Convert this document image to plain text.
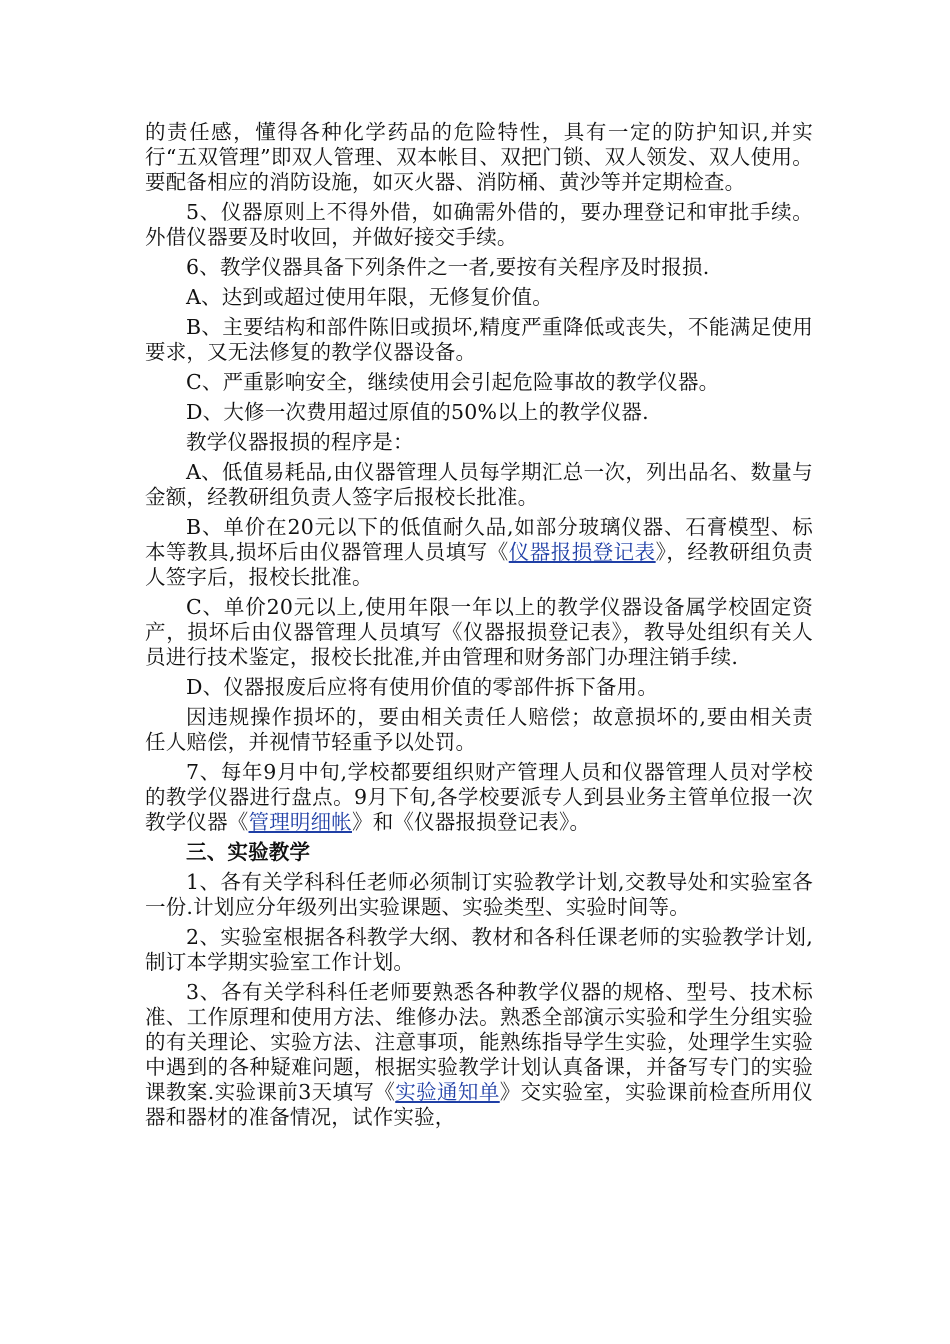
的责任感，懂得各种化学药品的危险特性，具有一定的防护知识,并实行“五双管理”即双人管理、双本帐目、双把门锁、双人领发、双人使用。要配备相应的消防设施，如灭火器、消防桶、黄沙等并定期检查。

5、仪器原则上不得外借，如确需外借的，要办理登记和审批手续。外借仪器要及时收回，并做好接交手续。

6、教学仪器具备下列条件之一者,要按有关程序及时报损.

A、达到或超过使用年限，无修复价值。

B、主要结构和部件陈旧或损坏,精度严重降低或丧失，不能满足使用要求，又无法修复的教学仪器设备。

C、严重影响安全，继续使用会引起危险事故的教学仪器。

D、大修一次费用超过原值的50%以上的教学仪器.

教学仪器报损的程序是：

A、低值易耗品,由仪器管理人员每学期汇总一次，列出品名、数量与金额，经教研组负责人签字后报校长批准。

B、单价在20元以下的低值耐久品,如部分玻璃仪器、石膏模型、标本等教具,损坏后由仪器管理人员填写《仪器报损登记表》，经教研组负责人签字后，报校长批准。

C、单价20元以上,使用年限一年以上的教学仪器设备属学校固定资产，损坏后由仪器管理人员填写《仪器报损登记表》，教导处组织有关人员进行技术鉴定，报校长批准,并由管理和财务部门办理注销手续.

D、仪器报废后应将有使用价值的零部件拆下备用。

因违规操作损坏的，要由相关责任人赔偿；故意损坏的,要由相关责任人赔偿，并视情节轻重予以处罚。

7、每年9月中旬,学校都要组织财产管理人员和仪器管理人员对学校的教学仪器进行盘点。9月下旬,各学校要派专人到县业务主管单位报一次教学仪器《管理明细帐》和《仪器报损登记表》。

三、实验教学

1、各有关学科科任老师必须制订实验教学计划,交教导处和实验室各一份.计划应分年级列出实验课题、实验类型、实验时间等。

2、实验室根据各科教学大纲、教材和各科任课老师的实验教学计划,制订本学期实验室工作计划。

3、各有关学科科任老师要熟悉各种教学仪器的规格、型号、技术标准、工作原理和使用方法、维修办法。熟悉全部演示实验和学生分组实验的有关理论、实验方法、注意事项，能熟练指导学生实验，处理学生实验中遇到的各种疑难问题，根据实验教学计划认真备课，并备写专门的实验课教案.实验课前3天填写《实验通知单》交实验室，实验课前检查所用仪器和器材的准备情况，试作实验，
